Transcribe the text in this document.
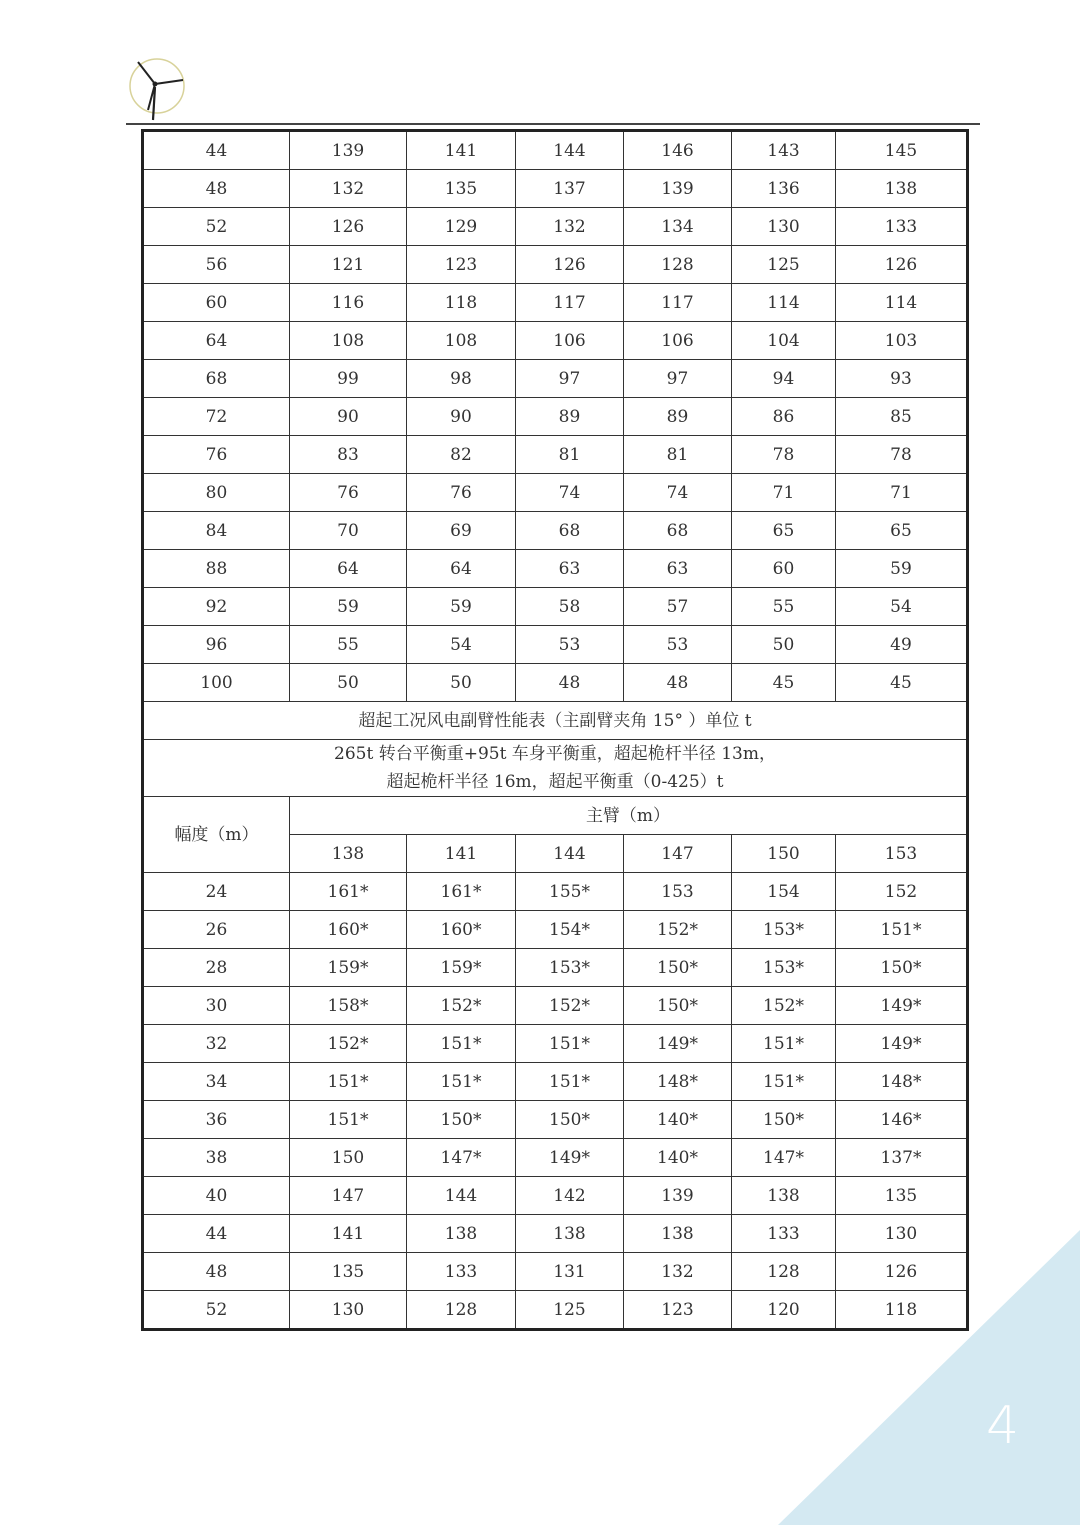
4
44	139	141	144	146	143	145
48	132	135	137	139	136	138
52	126	129	132	134	130	133
56	121	123	126	128	125	126
60	116	118	117	117	114	114
64	108	108	106	106	104	103
68	99	98	97	97	94	93
72	90	90	89	89	86	85
76	83	82	81	81	78	78
80	76	76	74	74	71	71
84	70	69	68	68	65	65
88	64	64	63	63	60	59
92	59	59	58	57	55	54
96	55	54	53	53	50	49
100	50	50	48	48	45	45
超起工况风电副臂性能表（主副臂夹角 15° ）单位 t						

265t 转台平衡重+95t 车身平衡重，超起桅杆半径 13m，
超起桅杆半径 16m，超起平衡重（0-425）t						

幅度（m）	主臂（m）					
	138	141	144	147	150	153
24	161*	161*	155*	153	154	152
26	160*	160*	154*	152*	153*	151*
28	159*	159*	153*	150*	153*	150*
30	158*	152*	152*	150*	152*	149*
32	152*	151*	151*	149*	151*	149*
34	151*	151*	151*	148*	151*	148*
36	151*	150*	150*	140*	150*	146*
38	150	147*	149*	140*	147*	137*
40	147	144	142	139	138	135
44	141	138	138	138	133	130
48	135	133	131	132	128	126
52	130	128	125	123	120	118
